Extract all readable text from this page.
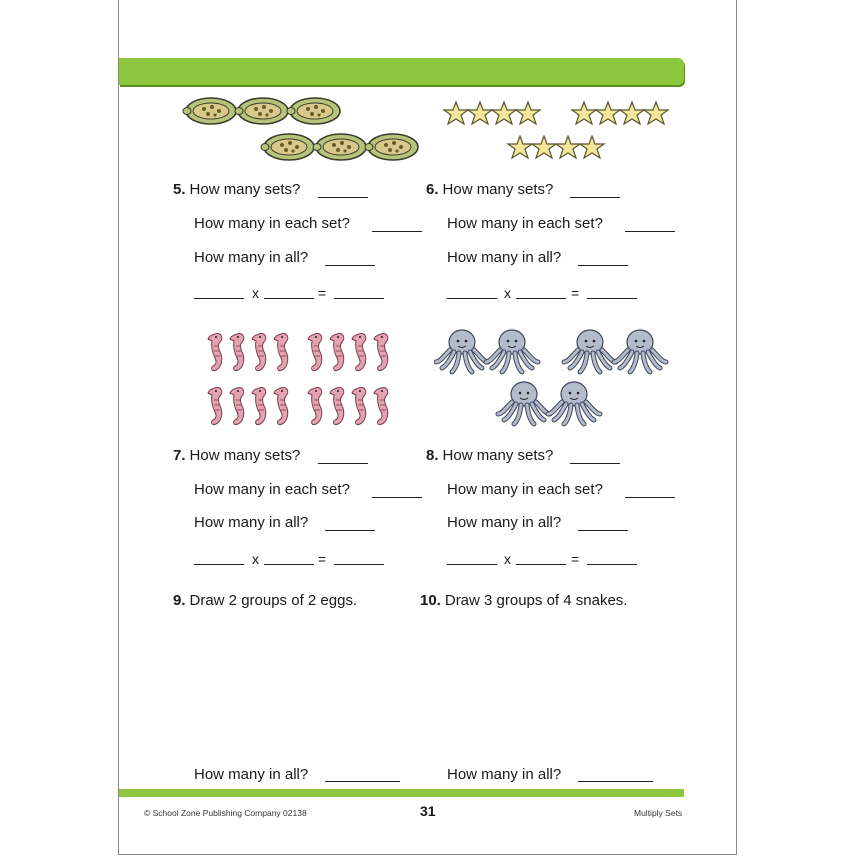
5. How many sets?
How many in each set?
How many in all?
x	=
6. How many sets?
How many in each set?
How many in all?
x	=
7. How many sets?
How many in each set?
How many in all?
x	=
8. How many sets?
How many in each set?
How many in all?
x	=
9. Draw 2 groups of 2 eggs.	10. Draw 3 groups of 4 snakes.
How many in all?	How many in all?
© School Zone Publishing Company 02138	31	Multiply Sets
